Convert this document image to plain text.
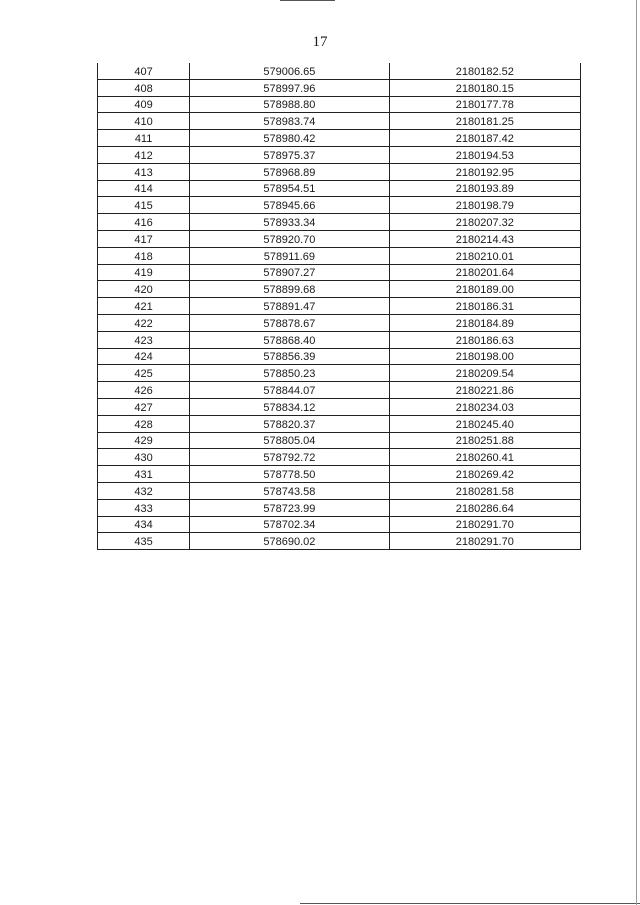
17
407	579006.65	2180182.52
408	578997.96	2180180.15
409	578988.80	2180177.78
410	578983.74	2180181.25
411	578980.42	2180187.42
412	578975.37	2180194.53
413	578968.89	2180192.95
414	578954.51	2180193.89
415	578945.66	2180198.79
416	578933.34	2180207.32
417	578920.70	2180214.43
418	578911.69	2180210.01
419	578907.27	2180201.64
420	578899.68	2180189.00
421	578891.47	2180186.31
422	578878.67	2180184.89
423	578868.40	2180186.63
424	578856.39	2180198.00
425	578850.23	2180209.54
426	578844.07	2180221.86
427	578834.12	2180234.03
428	578820.37	2180245.40
429	578805.04	2180251.88
430	578792.72	2180260.41
431	578778.50	2180269.42
432	578743.58	2180281.58
433	578723.99	2180286.64
434	578702.34	2180291.70
435	578690.02	2180291.70
